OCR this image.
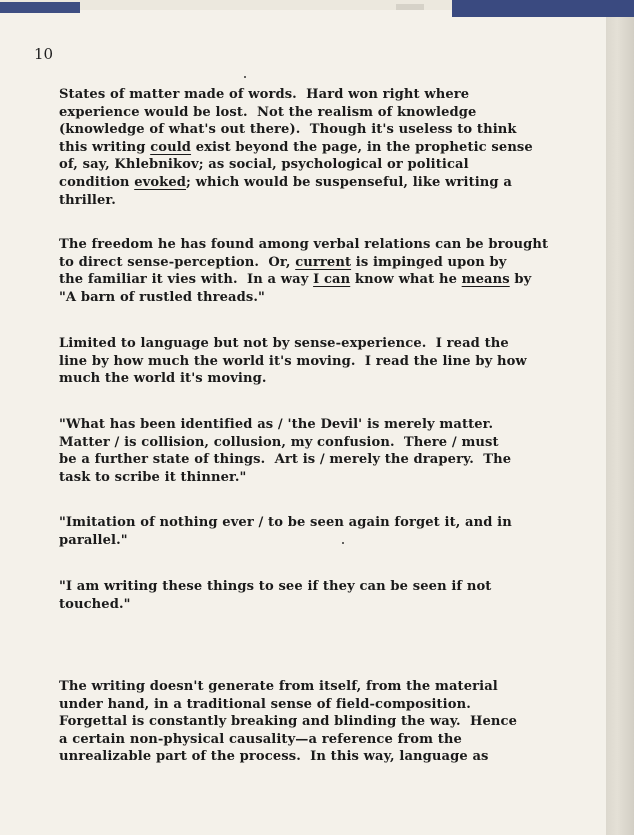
10
States of matter made of words.  Hard won right where
experience would be lost.  Not the realism of knowledge
(knowledge of what's out there).  Though it's useless to think
this writing could exist beyond the page, in the prophetic sense
of, say, Khlebnikov; as social, psychological or political
condition evoked; which would be suspenseful, like writing a
thriller.
The freedom he has found among verbal relations can be brought
to direct sense-perception.  Or, current is impinged upon by
the familiar it vies with.  In a way I can know what he means by
"A barn of rustled threads."
Limited to language but not by sense-experience.  I read the
line by how much the world it's moving.  I read the line by how
much the world it's moving.
"What has been identified as / 'the Devil' is merely matter.
Matter / is collision, collusion, my confusion.  There / must
be a further state of things.  Art is / merely the drapery.  The
task to scribe it thinner."
"Imitation of nothing ever / to be seen again forget it, and in
parallel."
"I am writing these things to see if they can be seen if not
touched."
The writing doesn't generate from itself, from the material
under hand, in a traditional sense of field-composition.
Forgettal is constantly breaking and blinding the way.  Hence
a certain non-physical causality—a reference from the
unrealizable part of the process.  In this way, language as
